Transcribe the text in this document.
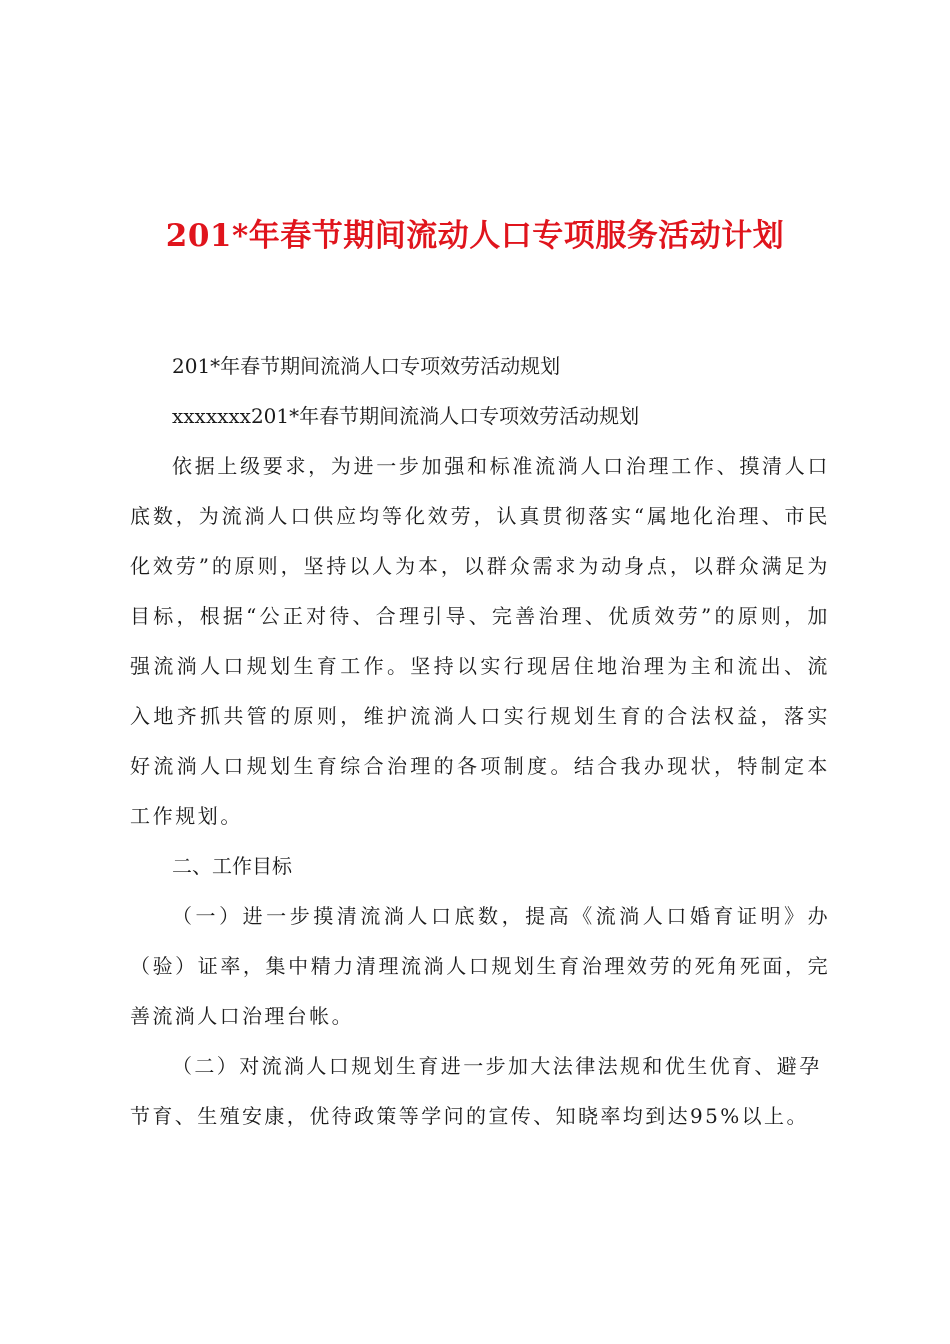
201*年春节期间流动人口专项服务活动计划

201*年春节期间流淌人口专项效劳活动规划

xxxxxxx201*年春节期间流淌人口专项效劳活动规划

依据上级要求，为进一步加强和标准流淌人口治理工作、摸清人口底数，为流淌人口供应均等化效劳，认真贯彻落实“属地化治理、市民化效劳”的原则，坚持以人为本，以群众需求为动身点，以群众满足为目标，根据“公正对待、合理引导、完善治理、优质效劳”的原则，加强流淌人口规划生育工作。坚持以实行现居住地治理为主和流出、流入地齐抓共管的原则，维护流淌人口实行规划生育的合法权益，落实好流淌人口规划生育综合治理的各项制度。结合我办现状，特制定本工作规划。

二、工作目标

（一）进一步摸清流淌人口底数，提高《流淌人口婚育证明》办（验）证率，集中精力清理流淌人口规划生育治理效劳的死角死面，完善流淌人口治理台帐。

（二）对流淌人口规划生育进一步加大法律法规和优生优育、避孕节育、生殖安康，优待政策等学问的宣传、知晓率均到达95%以上。
